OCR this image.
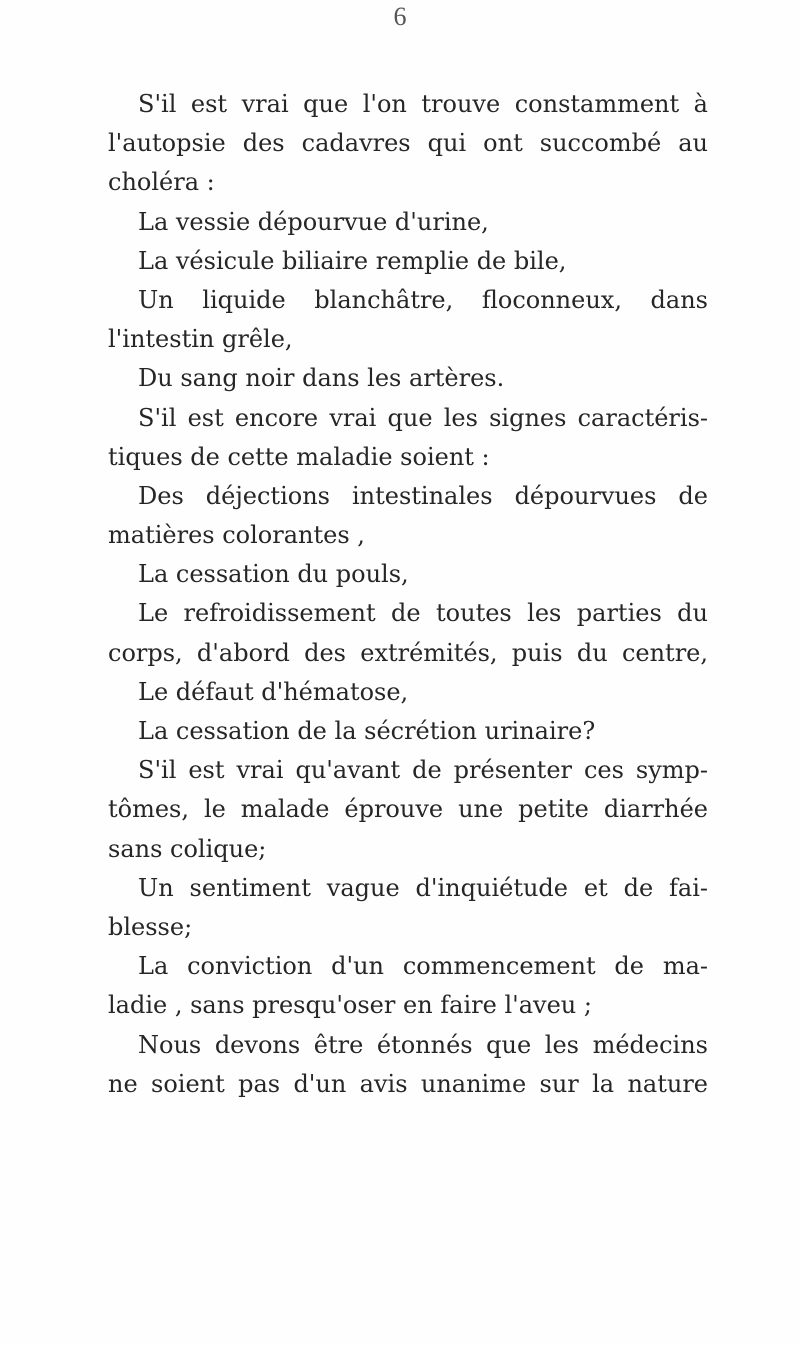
6
S'il est vrai que l'on trouve constamment à
l'autopsie des cadavres qui ont succombé au
choléra :
La vessie dépourvue d'urine,
La vésicule biliaire remplie de bile,
Un liquide blanchâtre, floconneux, dans
l'intestin grêle,
Du sang noir dans les artères.
S'il est encore vrai que les signes caractéris-
tiques de cette maladie soient :
Des déjections intestinales dépourvues de
matières colorantes ,
La cessation du pouls,
Le refroidissement de toutes les parties du
corps, d'abord des extrémités, puis du centre,
Le défaut d'hématose,
La cessation de la sécrétion urinaire?
S'il est vrai qu'avant de présenter ces symp-
tômes, le malade éprouve une petite diarrhée
sans colique;
Un sentiment vague d'inquiétude et de fai-
blesse;
La conviction d'un commencement de ma-
ladie , sans presqu'oser en faire l'aveu ;
Nous devons être étonnés que les médecins
ne soient pas d'un avis unanime sur la nature
